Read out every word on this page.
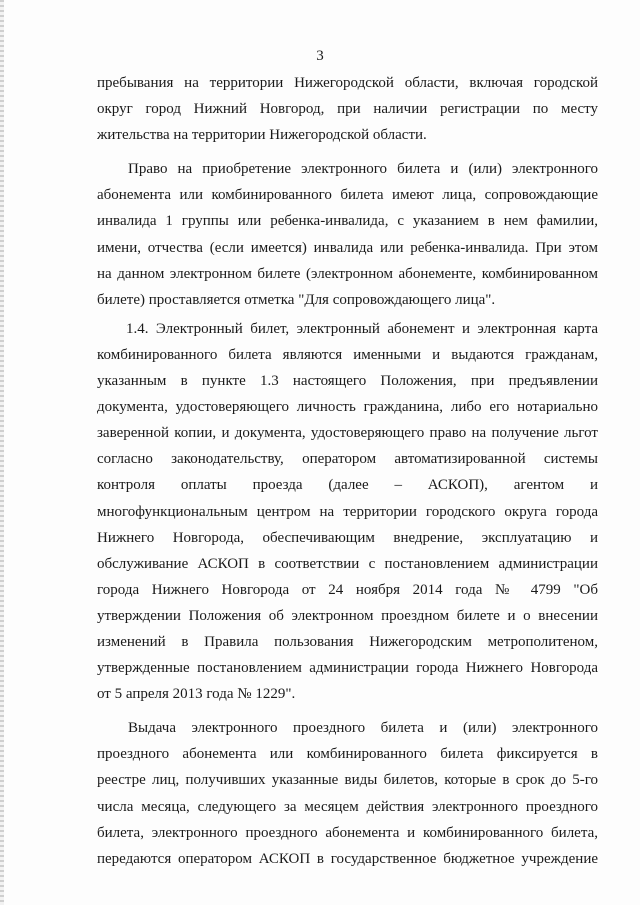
3
пребывания на территории Нижегородской области, включая городской
округ город Нижний Новгород, при наличии регистрации по месту
жительства на территории Нижегородской области.
Право на приобретение электронного билета и (или) электронного
абонемента или комбинированного билета имеют лица, сопровождающие
инвалида 1 группы или ребенка-инвалида, с указанием в нем фамилии,
имени, отчества (если имеется) инвалида или ребенка-инвалида. При этом
на данном электронном билете (электронном абонементе, комбинированном
билете) проставляется отметка "Для сопровождающего лица".
1.4. Электронный билет, электронный абонемент и электронная карта
комбинированного билета являются именными и выдаются гражданам,
указанным в пункте 1.3 настоящего Положения, при предъявлении
документа, удостоверяющего личность гражданина, либо его нотариально
заверенной копии, и документа, удостоверяющего право на получение льгот
согласно законодательству, оператором автоматизированной системы
контроля оплаты проезда (далее – АСКОП), агентом и
многофункциональным центром на территории городского округа города
Нижнего Новгорода, обеспечивающим внедрение, эксплуатацию и
обслуживание АСКОП в соответствии с постановлением администрации
города Нижнего Новгорода от 24 ноября 2014 года № 4799 "Об
утверждении Положения об электронном проездном билете и о внесении
изменений в Правила пользования Нижегородским метрополитеном,
утвержденные постановлением администрации города Нижнего Новгорода
от 5 апреля 2013 года № 1229".
Выдача электронного проездного билета и (или) электронного
проездного абонемента или комбинированного билета фиксируется в
реестре лиц, получивших указанные виды билетов, которые в срок до 5-го
числа месяца, следующего за месяцем действия электронного проездного
билета, электронного проездного абонемента и комбинированного билета,
передаются оператором АСКОП в государственное бюджетное учреждение
